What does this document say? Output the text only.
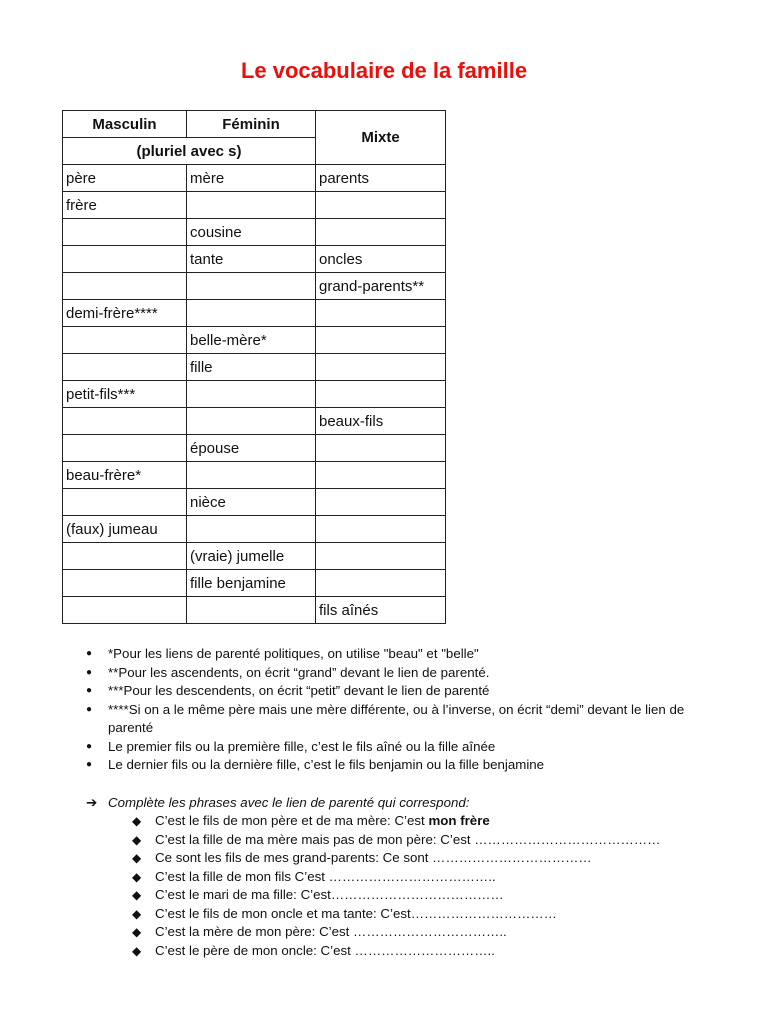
Le vocabulaire de la famille
Masculin	Féminin	Mixte
(pluriel avec s)		
père	mère	parents
frère		
	cousine	
	tante	oncles
		grand-parents**
demi-frère****		
	belle-mère*	
	fille	
petit-fils***		
		beaux-fils
	épouse	
beau-frère*		
	nièce	
(faux) jumeau		
	(vraie) jumelle	
	fille benjamine	
		fils aînés
● *Pour les liens de parenté politiques, on utilise "beau" et "belle"
● **Pour les ascendents, on écrit “grand” devant le lien de parenté.
● ***Pour les descendents, on écrit “petit” devant le lien de parenté
● ****Si on a le même père mais une mère différente, ou à l’inverse, on écrit “demi” devant le lien de parenté
● Le premier fils ou la première fille, c’est le fils aîné ou la fille aînée
● Le dernier fils ou la dernière fille, c’est le fils benjamin ou la fille benjamine
➔ Complète les phrases avec le lien de parenté qui correspond:
◆ C’est le fils de mon père et de ma mère: C’est mon frère
◆ C’est la fille de ma mère mais pas de mon père: C’est ……………………………………
◆ Ce sont les fils de mes grand-parents: Ce sont ………………………………
◆ C’est la fille de mon fils C’est ………………………………..
◆ C’est le mari de ma fille: C’est…………………………………
◆ C’est le fils de mon oncle et ma tante: C’est……………………………
◆ C’est la mère de mon père: C’est ……………………………..
◆ C’est le père de mon oncle: C’est …………………………..
